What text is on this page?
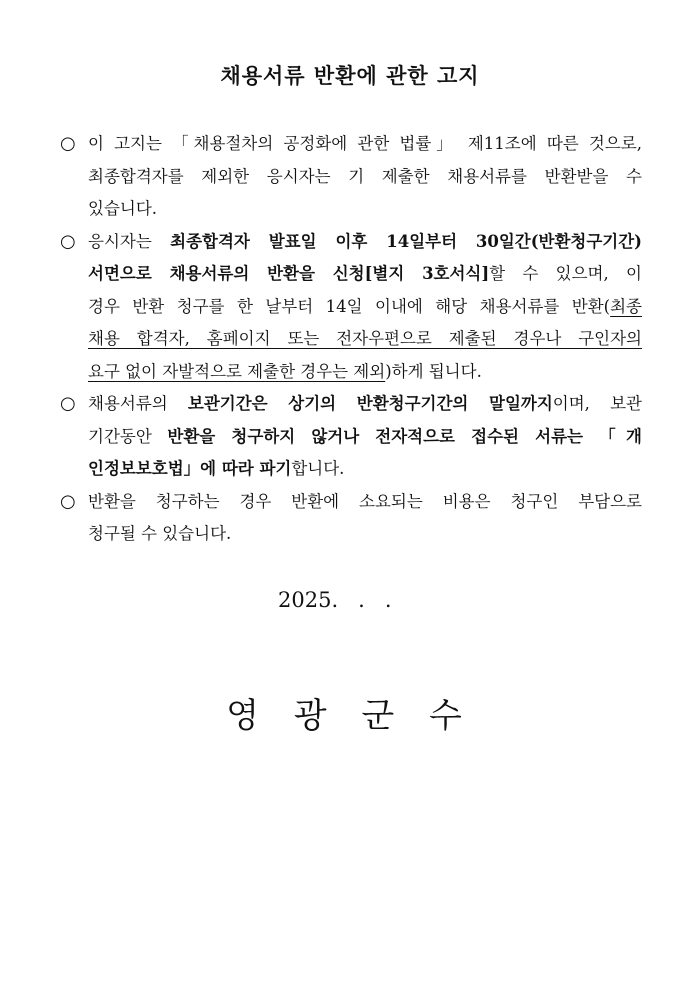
채용서류 반환에 관한 고지
○ 이 고지는 「채용절차의 공정화에 관한 법률」 제11조에 따른 것으로,
최종합격자를 제외한 응시자는 기 제출한 채용서류를 반환받을 수
있습니다.
○ 응시자는 최종합격자 발표일 이후 14일부터 30일간(반환청구기간)
서면으로 채용서류의 반환을 신청[별지 3호서식]할 수 있으며, 이
경우 반환 청구를 한 날부터 14일 이내에 해당 채용서류를 반환(최종
채용 합격자, 홈페이지 또는 전자우편으로 제출된 경우나 구인자의
요구 없이 자발적으로 제출한 경우는 제외)하게 됩니다.
○ 채용서류의 보관기간은 상기의 반환청구기간의 말일까지이며, 보관
기간동안 반환을 청구하지 않거나 전자적으로 접수된 서류는 「개
인정보보호법」에 따라 파기합니다.
○ 반환을 청구하는 경우 반환에 소요되는 비용은 청구인 부담으로
청구될 수 있습니다.
2025.   .   .
영 광 군 수
